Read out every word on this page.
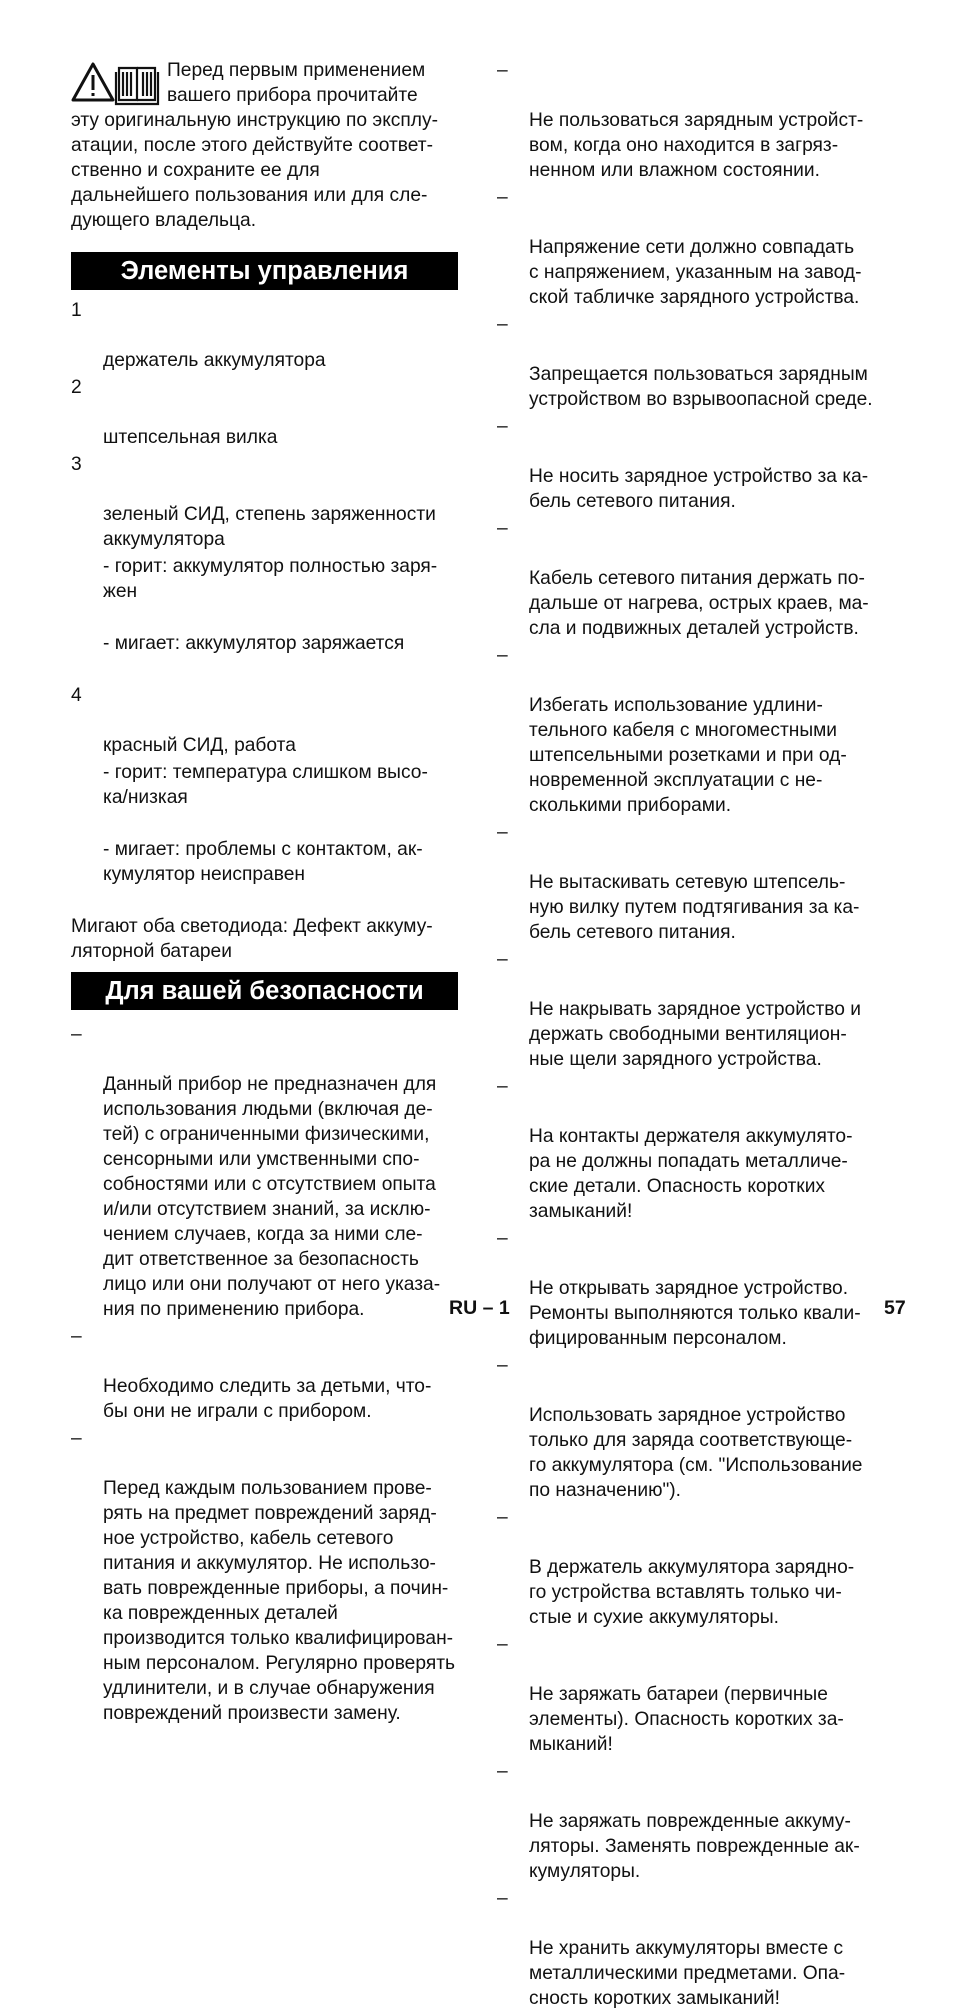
Перед первым применением
вашего прибора прочитайте

эту оригинальную инструкцию по эксплу-
атации, после этого действуйте соответ-
ственно и сохраните ее для
дальнейшего пользования или для сле-
дующего владельца.

Элементы управления

1

держатель аккумулятора

2

штепсельная вилка

3

зеленый СИД, степень заряженности
аккумулятора

- горит: аккумулятор полностью заря-
жен

- мигает: аккумулятор заряжается

4

красный СИД, работа

- горит: температура слишком высо-
ка/низкая

- мигает: проблемы с контактом, ак-
кумулятор неисправен

Мигают оба светодиода: Дефект аккуму-
ляторной батареи

Для вашей безопасности

–

Данный прибор не предназначен для
использования людьми (включая де-
тей) с ограниченными физическими,
сенсорными или умственными спо-
собностями или с отсутствием опыта
и/или отсутствием знаний, за исклю-
чением случаев, когда за ними сле-
дит ответственное за безопасность
лицо или они получают от него указа-
ния по применению прибора.

–

Необходимо следить за детьми, что-
бы они не играли с прибором.

–

Перед каждым пользованием прове-
рять на предмет повреждений заряд-
ное устройство, кабель сетевого
питания и аккумулятор. Не использо-
вать поврежденные приборы, а почин-
ка поврежденных деталей
производится только квалифицирован-
ным персоналом. Регулярно проверять
удлинители, и в случае обнаружения
повреждений произвести замену.

–

Не пользоваться зарядным устройст-
вом, когда оно находится в загряз-
ненном или влажном состоянии.

–

Напряжение сети должно совпадать
с напряжением, указанным на завод-
ской табличке зарядного устройства.

–

Запрещается пользоваться зарядным
устройством во взрывоопасной среде.

–

Не носить зарядное устройство за ка-
бель сетевого питания.

–

Кабель сетевого питания держать по-
дальше от нагрева, острых краев, ма-
сла и подвижных деталей устройств.

–

Избегать использование удлини-
тельного кабеля с многоместными
штепсельными розетками и при од-
новременной эксплуатации с не-
сколькими приборами.

–

Не вытаскивать сетевую штепсель-
ную вилку путем подтягивания за ка-
бель сетевого питания.

–

Не накрывать зарядное устройство и
держать свободными вентиляцион-
ные щели зарядного устройства.

–

На контакты держателя аккумулято-
ра не должны попадать металличе-
ские детали. Опасность коротких
замыканий!

–

Не открывать зарядное устройство.
Ремонты выполняются только квали-
фицированным персоналом.

–

Использовать зарядное устройство
только для заряда соответствующе-
го аккумулятора (см. "Использование
по назначению").

–

В держатель аккумулятора зарядно-
го устройства вставлять только чи-
стые и сухие аккумуляторы.

–

Не заряжать батареи (первичные
элементы). Опасность коротких за-
мыканий!

–

Не заряжать поврежденные аккуму-
ляторы. Заменять поврежденные ак-
кумуляторы.

–

Не хранить аккумуляторы вместе с
металлическими предметами. Опа-
сность коротких замыканий!

RU – 1	57
